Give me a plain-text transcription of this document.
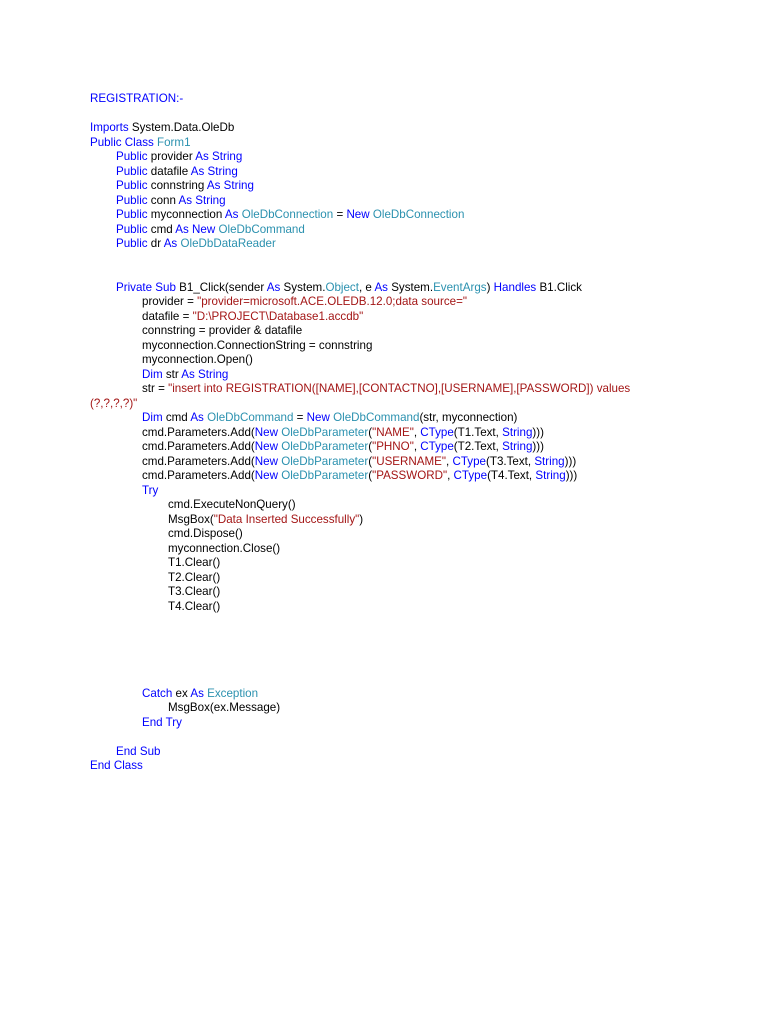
REGISTRATION:-
Imports System.Data.OleDb
Public Class Form1
Public provider As String
Public datafile As String
Public connstring As String
Public conn As String
Public myconnection As OleDbConnection = New OleDbConnection
Public cmd As New OleDbCommand
Public dr As OleDbDataReader
Private Sub B1_Click(sender As System.Object, e As System.EventArgs) Handles B1.Click
provider = "provider=microsoft.ACE.OLEDB.12.0;data source="
datafile = "D:\PROJECT\Database1.accdb"
connstring = provider & datafile
myconnection.ConnectionString = connstring
myconnection.Open()
Dim str As String
str = "insert into REGISTRATION([NAME],[CONTACTNO],[USERNAME],[PASSWORD]) values
(?,?,?,?)"
Dim cmd As OleDbCommand = New OleDbCommand(str, myconnection)
cmd.Parameters.Add(New OleDbParameter("NAME", CType(T1.Text, String)))
cmd.Parameters.Add(New OleDbParameter("PHNO", CType(T2.Text, String)))
cmd.Parameters.Add(New OleDbParameter("USERNAME", CType(T3.Text, String)))
cmd.Parameters.Add(New OleDbParameter("PASSWORD", CType(T4.Text, String)))
Try
cmd.ExecuteNonQuery()
MsgBox("Data Inserted Successfully")
cmd.Dispose()
myconnection.Close()
T1.Clear()
T2.Clear()
T3.Clear()
T4.Clear()
Catch ex As Exception
MsgBox(ex.Message)
End Try
End Sub
End Class
